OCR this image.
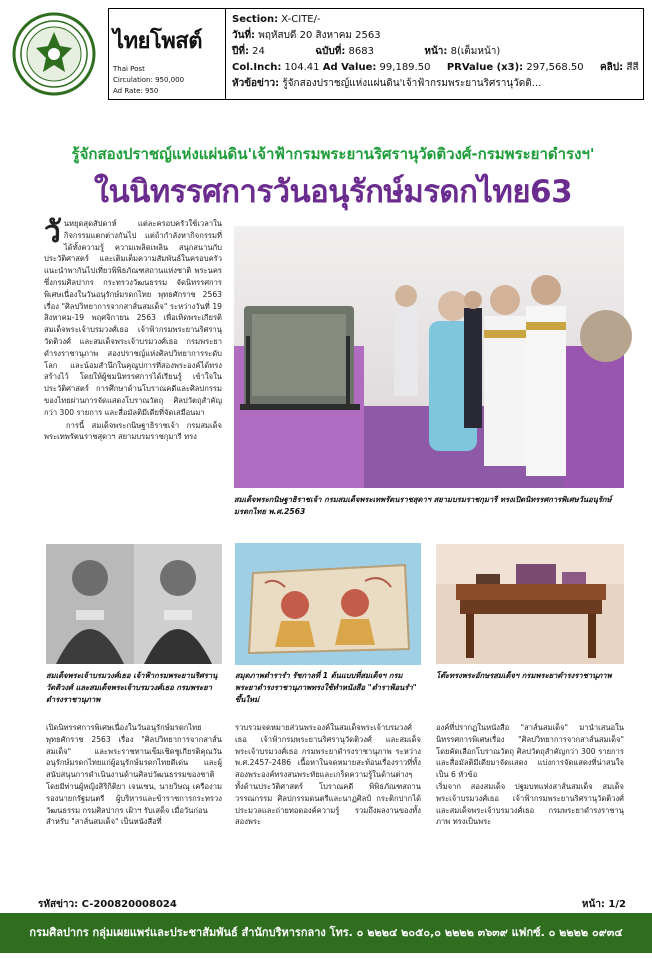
ไทยโพสต์
Thai Post
Circulation: 950,000
Ad Rate: 950
Section: X-CITE/-
วันที่: พฤหัสบดี 20 สิงหาคม 2563
ปีที่: 24	ฉบับที่: 8683	หน้า: 8(เต็มหน้า)
Col.Inch: 104.41 Ad Value: 99,189.50 PRValue (x3): 297,568.50 คลิป: สีสี
หัวข้อข่าว: รู้จักสองปราชญ์แห่งแผ่นดิน'เจ้าฟ้ากรมพระยานริศรานุวัดติ...
รู้จักสองปราชญ์แห่งแผ่นดิน'เจ้าฟ้ากรมพระยานริศรานุวัดติวงศ์-กรมพระยาดำรงฯ'
ในนิทรรศการวันอนุรักษ์มรดกไทย63
วั นหยุดสุดสัปดาห์ แต่ละครอบครัวใช้เวลาในกิจกรรมแตกต่างกันไป แต่ถ้ากำลังหากิจกรรมที่ได้ทั้งความรู้ ความเพลิดเพลิน สนุกสนานกับประวัติศาสตร์ และเติมเต็มความสัมพันธ์ในครอบครัว แนะนำพากันไปเที่ยวพิพิธภัณฑสถานแห่งชาติ พระนคร ซึ่งกรมศิลปากร กระทรวงวัฒนธรรม จัดนิทรรศการพิเศษเนื่องในวันอนุรักษ์มรดกไทย พุทธศักราช 2563 เรื่อง "ศิลปวิทยาการจากสาส์นสมเด็จ" ระหว่างวันที่ 19 สิงหาคม-19 พฤศจิกายน 2563 เพื่อเทิดพระเกียรติสมเด็จพระเจ้าบรมวงศ์เธอ เจ้าฟ้ากรมพระยานริศรานุวัดติวงศ์ และสมเด็จพระเจ้าบรมวงศ์เธอ กรมพระยาดำรงราชานุภาพ สองปราชญ์แห่งศิลปวิทยาการระดับโลก และน้อมสำนึกในคุณูปการที่สองพระองค์ได้ทรงสร้างไว้ โดยให้ผู้ชมนิทรรศการได้เรียนรู้ เข้าใจในประวัติศาสตร์ การศึกษาด้านโบราณคดีและศิลปกรรมของไทยผ่านการจัดแสดงโบราณวัตถุ ศิลปวัตถุสำคัญกว่า 300 รายการ และสื่อมัลติมีเดียที่จัดเสมือนมา
การนี้ สมเด็จพระกนิษฐาธิราชเจ้า กรมสมเด็จพระเทพรัตนราชสุดาฯ สยามบรมราชกุมารี ทรง
สมเด็จพระกนิษฐาธิราชเจ้า กรมสมเด็จพระเทพรัตนราชสุดาฯ สยามบรมราชกุมารี ทรงเปิดนิทรรศการพิเศษวันอนุรักษ์มรดกไทย พ.ศ.2563
สมเด็จพระเจ้าบรมวงศ์เธอ เจ้าฟ้ากรมพระยานริศรานุวัดติวงศ์ และสมเด็จพระเจ้าบรมวงศ์เธอ กรมพระยาดำรงราชานุภาพ
สมุดภาพตำรารำ รัชกาลที่ 1 ต้นแบบที่สมเด็จฯ กรมพระยาดำรงราชานุภาพทรงใช้ทำหนังสือ "ตำราฟ้อนรำ" ขึ้นใหม่
โต๊ะทรงพระอักษรสมเด็จฯ กรมพระยาดำรงราชานุภาพ
เปิดนิทรรศการพิเศษเนื่องในวันอนุรักษ์มรดกไทย พุทธศักราช 2563 เรื่อง "ศิลปวิทยาการจากสาส์นสมเด็จ" และพระราชทานเข็มเชิดชูเกียรติคุณวันอนุรักษ์มรดกไทยแก่ผู้อนุรักษ์มรดกไทยดีเด่น และผู้สนับสนุนการดำเนินงานด้านศิลปวัฒนธรรมของชาติ โดยมีท่านผู้หญิงสิริกิติยา เจนเซน, นายวิษณุ เครืองาม รองนายกรัฐมนตรี ผู้บริหารและข้าราชการกระทรวงวัฒนธรรม กรมศิลปากร เฝ้าฯ รับเสด็จ เมื่อวันก่อน
สำหรับ "สาส์นสมเด็จ" เป็นหนังสือที่
รวบรวมจดหมายส่วนพระองค์ในสมเด็จพระเจ้าบรมวงศ์เธอ เจ้าฟ้ากรมพระยานริศรานุวัดติวงศ์ และสมเด็จพระเจ้าบรมวงศ์เธอ กรมพระยาดำรงราชานุภาพ ระหว่าง พ.ศ.2457-2486 เนื้อหาในจดหมายสะท้อนเรื่องราวที่ทั้งสองพระองค์ทรงสนพระทัยและเกร็ดความรู้ในด้านต่างๆ ทั้งด้านประวัติศาสตร์ โบราณคดี พิพิธภัณฑสถาน วรรณกรรม ศิลปกรรมดนตรีและนาฏศิลป์ กระติกปากได้ประมวลและถ่ายทอดองค์ความรู้ รวมถึงผลงานของทั้งสองพระ
องค์ที่ปรากฏในหนังสือ "สาส์นสมเด็จ" มานำเสนอในนิทรรศการพิเศษเรื่อง "ศิลปวิทยาการจากสาส์นสมเด็จ" โดยคัดเลือกโบราณวัตถุ ศิลปวัตถุสำคัญกว่า 300 รายการ และสื่อมัลติมีเดียมาจัดแสดง แบ่งการจัดแสดงที่น่าสนใจเป็น 6 หัวข้อ
เริ่มจาก สองสมเด็จ ปฐมบทแห่งสาส์นสมเด็จ สมเด็จพระเจ้าบรมวงศ์เธอ เจ้าฟ้ากรมพระยานริศรานุวัดติวงศ์ และสมเด็จพระเจ้าบรมวงศ์เธอ กรมพระยาดำรงราชานุภาพ ทรงเป็นพระ
รหัสข่าว: C-200820008024	หน้า: 1/2
กรมศิลปากร กลุ่มเผยแพร่และประชาสัมพันธ์ สำนักบริหารกลาง โทร. ๐ ๒๒๒๔ ๒๐๕๐,๐ ๒๒๒๒ ๓๖๓๙ แฟกซ์. ๐ ๒๒๒๒ ๐๙๓๔
